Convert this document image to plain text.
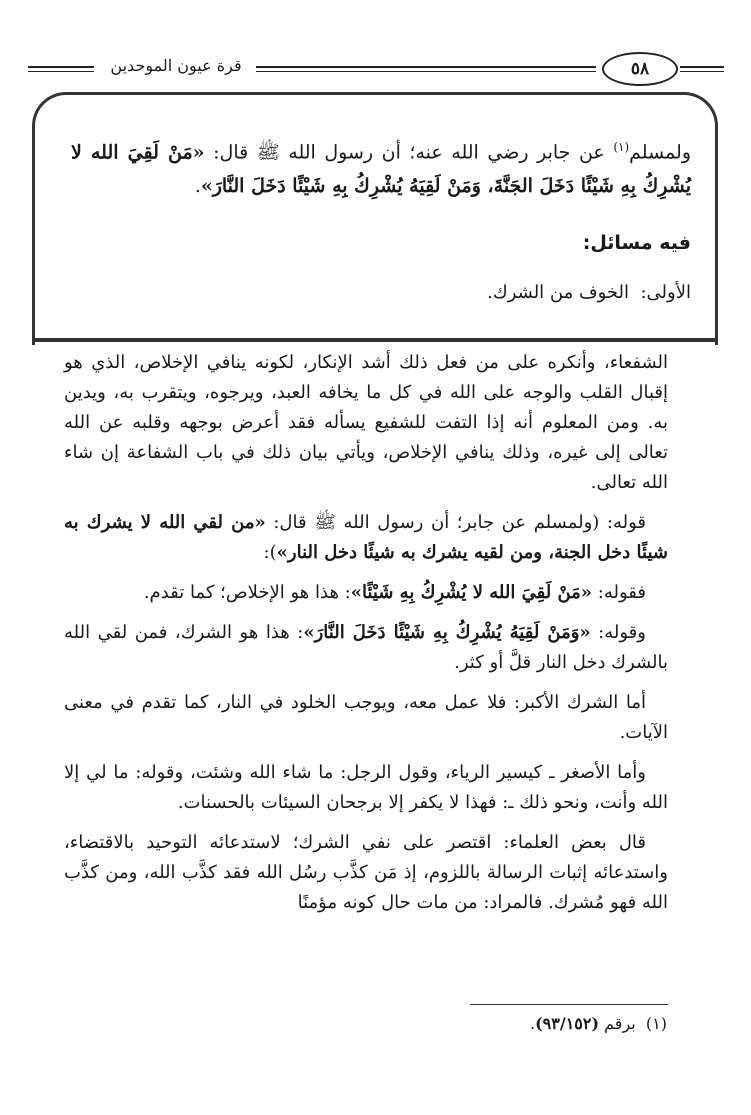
قرة عيون الموحدين	٥٨
ولمسلم$^{(١)}$ عن جابر رضي الله عنه؛ أن رسول الله ﷺ قال: «مَنْ لَقِيَ الله لا يُشْرِكُ بِهِ شَيْئًا دَخَلَ الجَنَّةَ، وَمَنْ لَقِيَهُ يُشْرِكُ بِهِ شَيْئًا دَخَلَ النَّارَ».
فيه مسائل:
الأولى:  الخوف من الشرك.

الشفعاء، وأنكره على من فعل ذلك أشد الإنكار، لكونه ينافي الإخلاص، الذي هو إقبال القلب والوجه على الله في كل ما يخافه العبد، ويرجوه، ويتقرب به، ويدين به. ومن المعلوم أنه إذا التفت للشفيع يسأله فقد أعرض بوجهه وقلبه عن الله تعالى إلى غيره، وذلك ينافي الإخلاص، ويأتي بيان ذلك في باب الشفاعة إن شاء الله تعالى.

قوله: (ولمسلم عن جابر؛ أن رسول الله ﷺ قال: «من لقي الله لا يشرك به شيئًا دخل الجنة، ومن لقيه يشرك به شيئًا دخل النار»):

فقوله: «مَنْ لَقِيَ الله لا يُشْرِكُ بِهِ شَيْئًا»: هذا هو الإخلاص؛ كما تقدم.

وقوله: «وَمَنْ لَقِيَهُ يُشْرِكُ بِهِ شَيْئًا دَخَلَ النَّارَ»: هذا هو الشرك، فمن لقي الله بالشرك دخل النار قلَّ أو كثر.

أما الشرك الأكبر: فلا عمل معه، ويوجب الخلود في النار، كما تقدم في معنى الآيات.

وأما الأصغر ـ كيسير الرياء، وقول الرجل: ما شاء الله وشئت، وقوله: ما لي إلا الله وأنت، ونحو ذلك ـ: فهذا لا يكفر إلا برجحان السيئات بالحسنات.

قال بعض العلماء: اقتصر على نفي الشرك؛ لاستدعائه التوحيد بالاقتضاء، واستدعائه إثبات الرسالة باللزوم، إذ مَن كذَّب رسُل الله فقد كذَّب الله، ومن كذَّب الله فهو مُشرك. فالمراد: من مات حال كونه مؤمنًا

(١)  برقم (٩٣/١٥٢).
